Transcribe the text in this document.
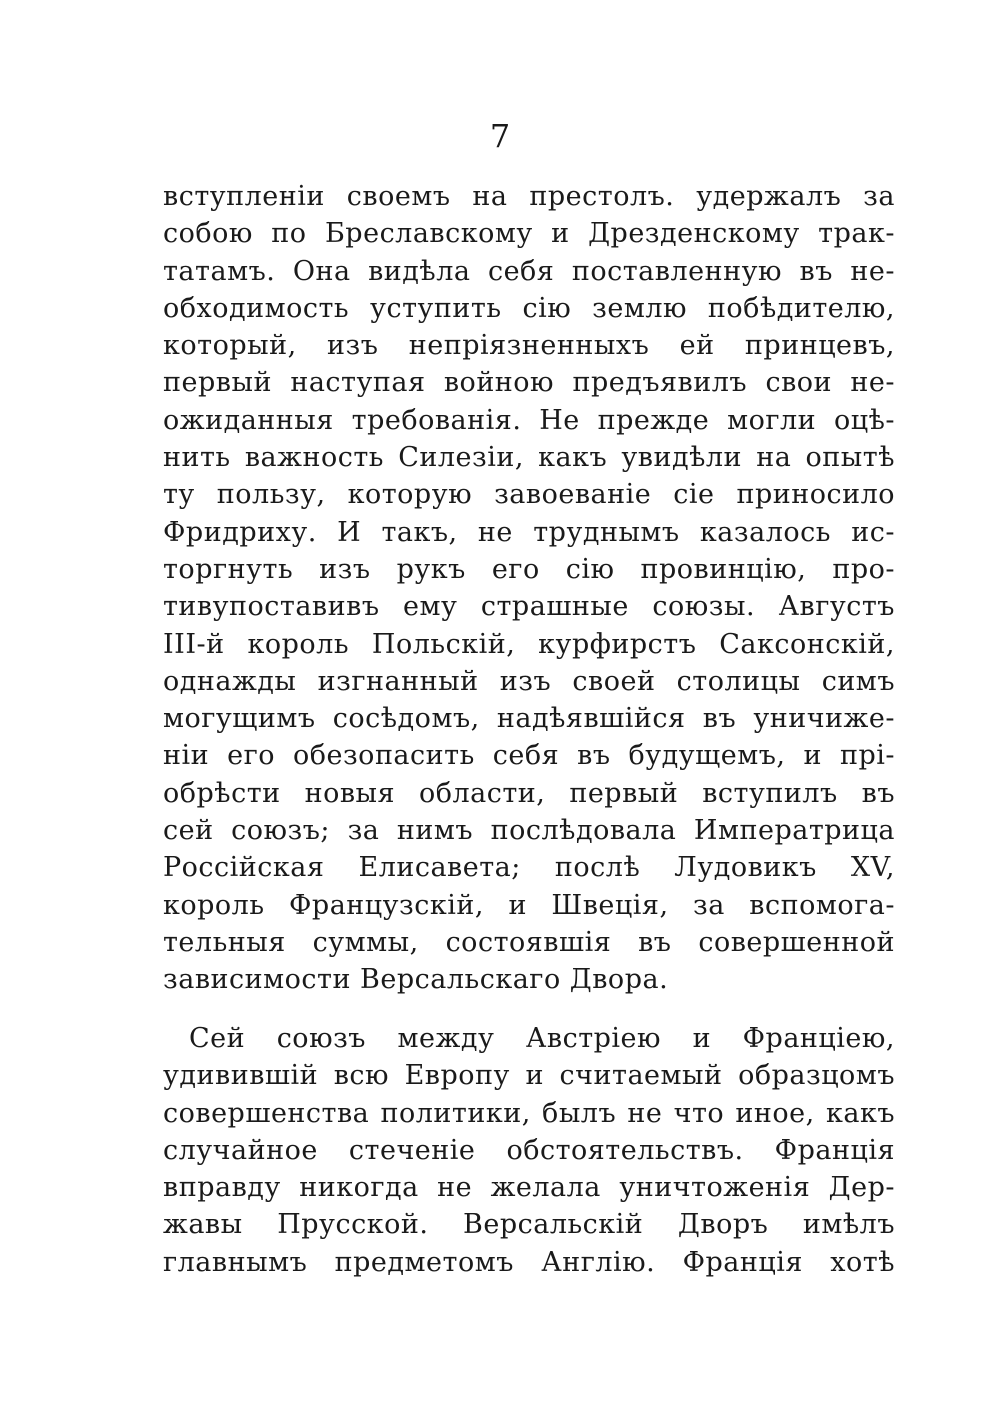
7
вступленіи своемъ на престолъ. удержалъ за
собою по Бреславскому и Дрезденскому трак-
татамъ. Она видѣла себя поставленную въ не-
обходимость уступить сію землю побѣдителю,
который, изъ непріязненныхъ ей принцевъ,
первый наступая войною предъявилъ свои не-
ожиданныя требованія. Не прежде могли оцѣ-
нить важность Силезіи, какъ увидѣли на опытѣ
ту пользу, которую завоеваніе сіе приносило
Фридриху. И такъ, не труднымъ казалось ис-
торгнуть изъ рукъ его сію провинцію, про-
тивупоставивъ ему страшные союзы. Августъ
III-й король Польскій, курфирстъ Саксонскій,
однажды изгнанный изъ своей столицы симъ
могущимъ сосѣдомъ, надѣявшійся въ уничиже-
ніи его обезопасить себя въ будущемъ, и прі-
обрѣсти новыя области, первый вступилъ въ
сей союзъ; за нимъ послѣдовала Императрица
Россійская Елисавета; послѣ Лудовикъ XV,
король Французскій, и Швеція, за вспомога-
тельныя суммы, состоявшія въ совершенной
зависимости Версальскаго Двора.
Сей союзъ между Австріею и Франціею,
удивившій всю Европу и считаемый образцомъ
совершенства политики, былъ не что иное, какъ
случайное стеченіе обстоятельствъ. Франція
вправду никогда не желала уничтоженія Дер-
жавы Прусской. Версальскій Дворъ имѣлъ
главнымъ предметомъ Англію. Франція хотѣ
